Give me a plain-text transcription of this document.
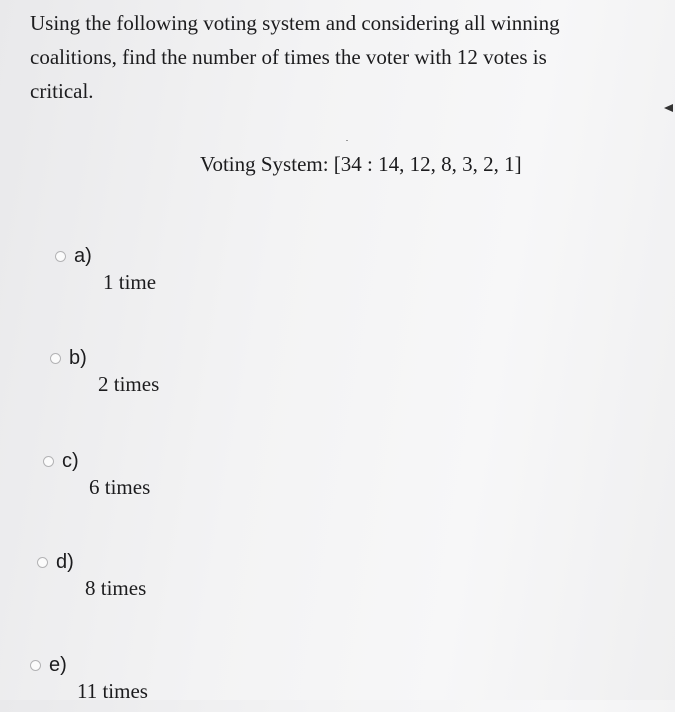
Using the following voting system and considering all winning coalitions, find the number of times the voter with 12 votes is critical.

Voting System: [34 : 14, 12, 8, 3, 2, 1]
a)
1 time
b)
2 times
c)
6 times
d)
8 times
e)
11 times
